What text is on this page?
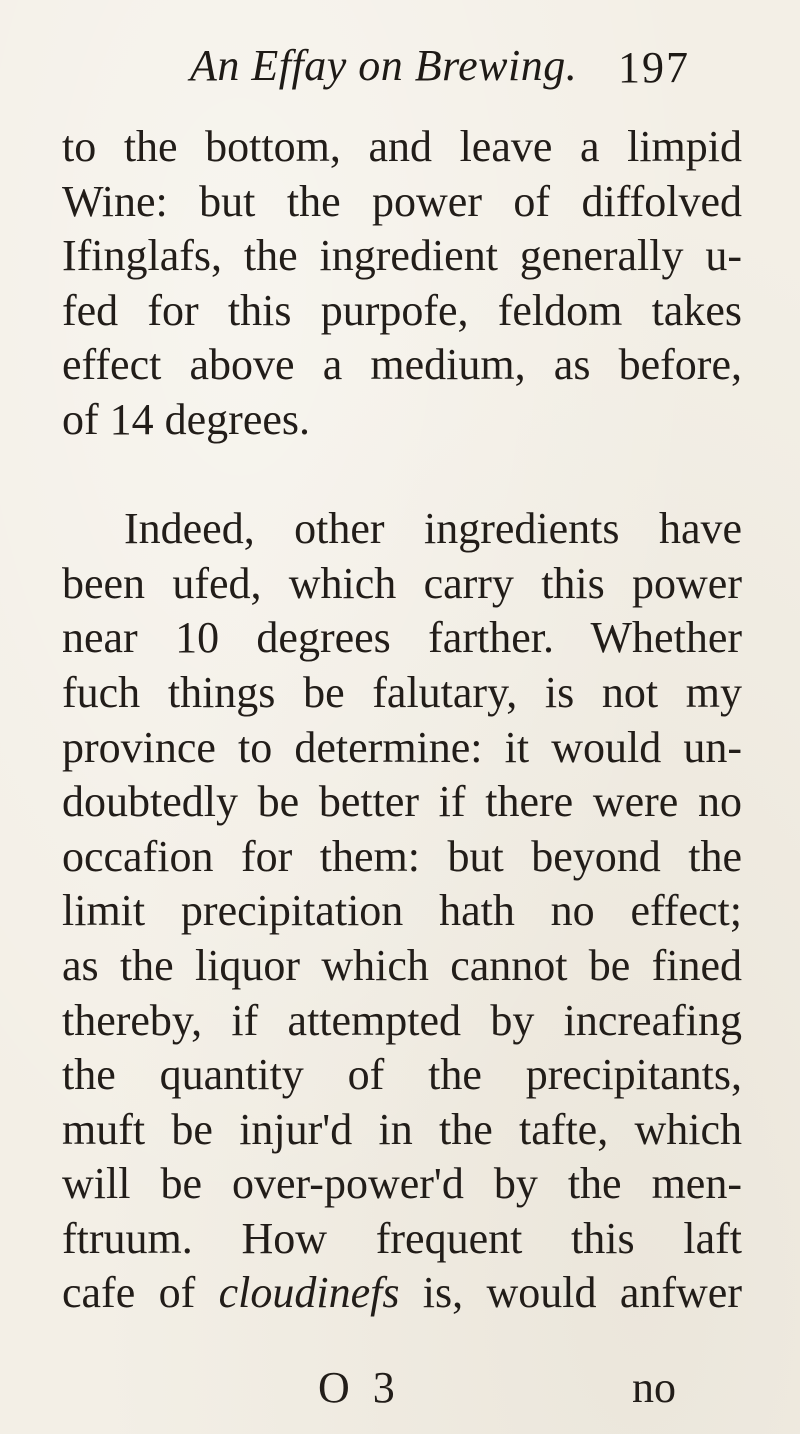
An Effay on Brewing. 197
to the bottom, and leave a limpid
Wine: but the power of diffolved
Ifinglafs, the ingredient generally u-
fed for this purpofe, feldom takes
effect above a medium, as before,
of 14 degrees.
Indeed, other ingredients have
been ufed, which carry this power
near 10 degrees farther. Whether
fuch things be falutary, is not my
province to determine: it would un-
doubtedly be better if there were no
occafion for them: but beyond the
limit precipitation hath no effect;
as the liquor which cannot be fined
thereby, if attempted by increafing
the quantity of the precipitants,
muft be injur'd in the tafte, which
will be over-power'd by the men-
ftruum. How frequent this laft
cafe of cloudinefs is, would anfwer
O 3	no
